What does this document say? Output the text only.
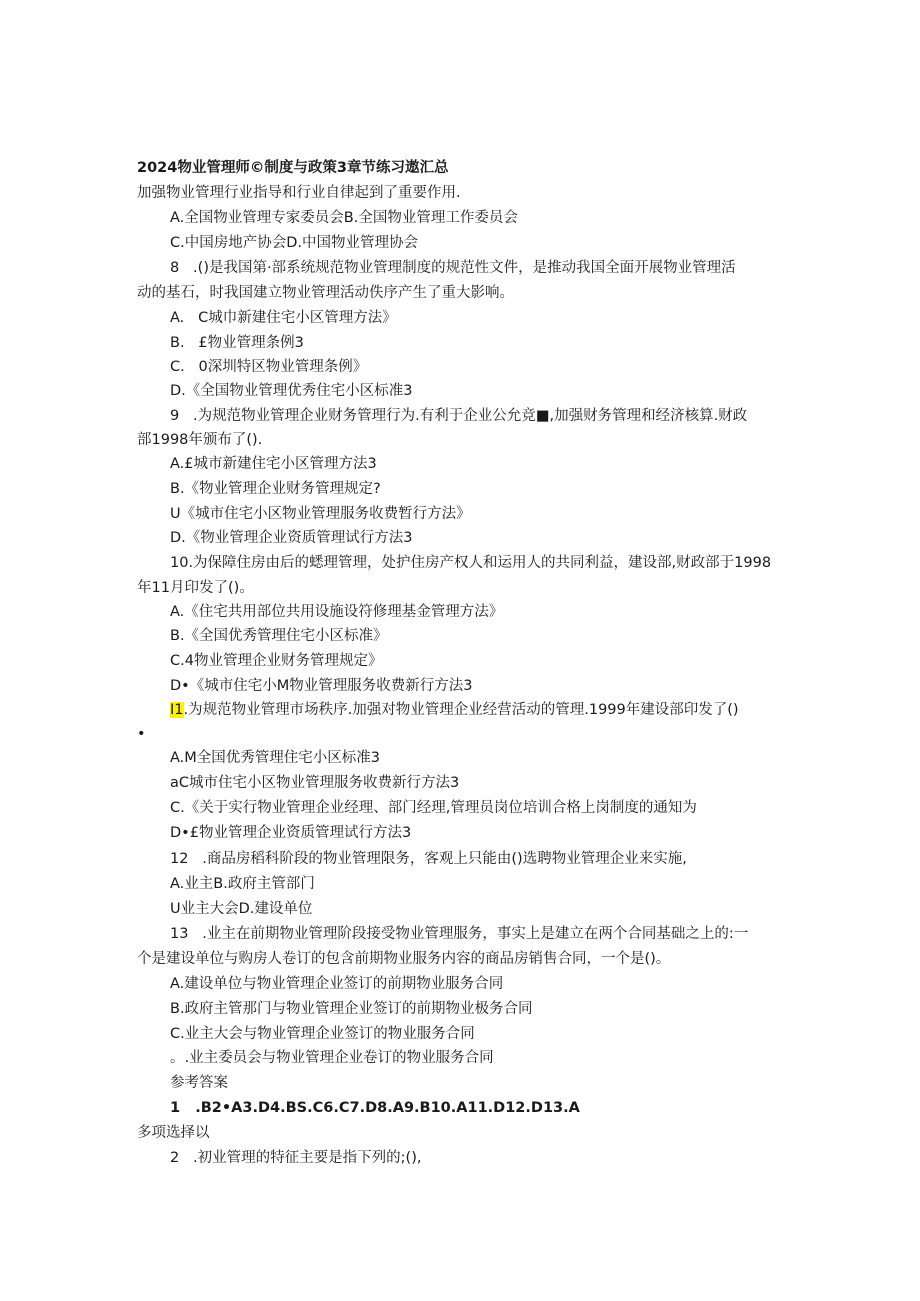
2024物业管理师©制度与政策3章节练习遨汇总
加强物业管理行业指导和行业自律起到了重要作用.
A.全国物业管理专家委员会B.全国物业管理工作委员会
C.中国房地产协会D.中国物业管理协会
8   .()是我国第·部系统规范物业管理制度的规范性文件，是推动我国全面开展物业管理活
动的基石，时我国建立物业管理活动佚序产生了重大影响。
A.   C城巾新建住宅小区管理方法》
B.   £物业管理条例3
C.   0深圳特区物业管理条例》
D.《全国物业管理优秀住宅小区标准3
9   .为规范物业管理企业财务管理行为.有利于企业公允竞■,加强财务管理和经济核算.财政
部1998年颁布了().
A.£城市新建住宅小区管理方法3
B.《物业管理企业财务管理规定?
U《城市住宅小区物业管理服务收费暂行方法》
D.《物业管理企业资质管理试行方法3
10.为保障住房由后的蟋理管理，处护住房产权人和运用人的共同利益，建设部,财政部于1998
年11月印发了()。
A.《住宅共用部位共用设施设符修理基金管理方法》
B.《全国优秀管理住宅小区标准》
C.4物业管理企业财务管理规定》
D•《城市住宅小M物业管理服务收费新行方法3
I1.为规范物业管理市场秩序.加强对物业管理企业经营活动的管理.1999年建设部印发了()
•
A.M全国优秀管理住宅小区标准3
aC城市住宅小区物业管理服务收费新行方法3
C.《关于实行物业管理企业经理、部门经理,管理员岗位培训合格上岗制度的通知为
D•£物业管理企业资质管理试行方法3
12   .商品房稻科阶段的物业管理限务，客观上只能由()选聘物业管理企业来实施,
A.业主B.政府主管部门
U业主大会D.建设单位
13   .业主在前期物业管理阶段接受物业管理服务，事实上是建立在两个合同基础之上的:一
个是建设单位与购房人卷订的包含前期物业服务内容的商品房销售合同，一个是()。
A.建设单位与物业管理企业签订的前期物业服务合同
B.政府主管那门与物业管理企业签订的前期物业极务合同
C.业主大会与物业管理企业签订的物业服务合同
。.业主委员会与物业管理企业卷订的物业服务合同
参考答案
1   .B2•A3.D4.BS.C6.C7.D8.A9.B10.A11.D12.D13.A
多项选择以
2   .初业管理的特征主要是指下列的;(),
